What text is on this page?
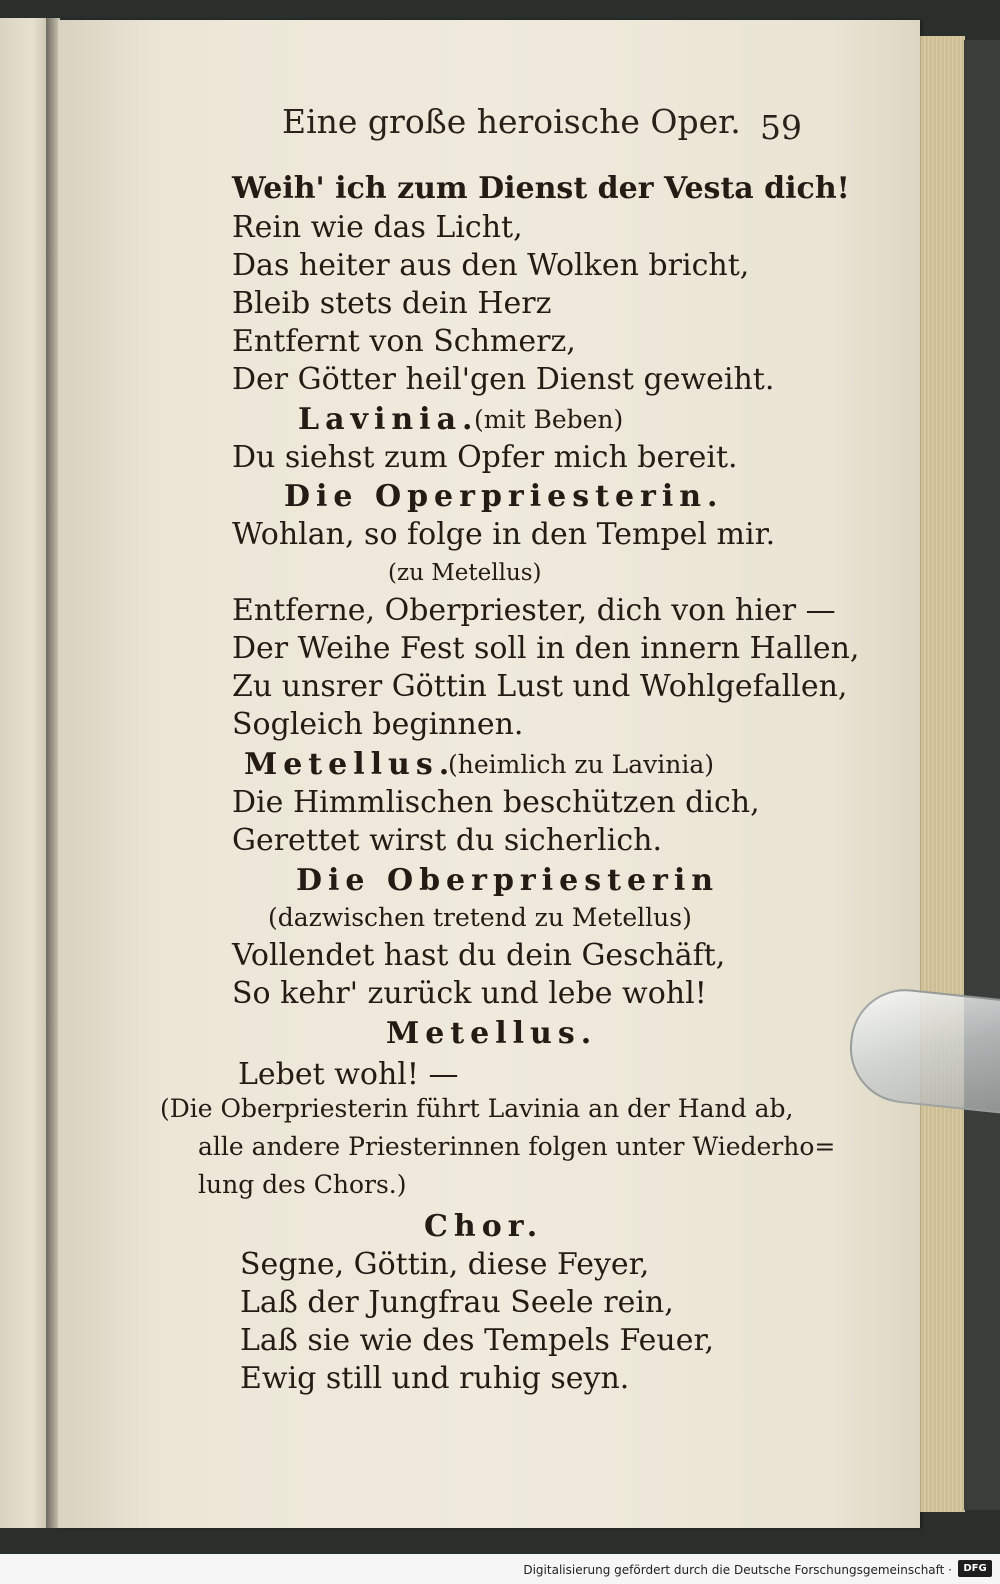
Eine große heroische Oper. 59
Weih' ich zum Dienst der Vesta dich!
Rein wie das Licht,
Das heiter aus den Wolken bricht,
Bleib stets dein Herz
Entfernt von Schmerz,
Der Götter heil'gen Dienst geweiht.
Lavinia.
(mit Beben)
Du siehst zum Opfer mich bereit.
Die Operpriesterin.
Wohlan, so folge in den Tempel mir.
(zu Metellus)
Entferne, Oberpriester, dich von hier —
Der Weihe Fest soll in den innern Hallen,
Zu unsrer Göttin Lust und Wohlgefallen,
Sogleich beginnen.
Metellus.
(heimlich zu Lavinia)
Die Himmlischen beschützen dich,
Gerettet wirst du sicherlich.
Die Oberpriesterin
(dazwischen tretend zu Metellus)
Vollendet hast du dein Geschäft,
So kehr' zurück und lebe wohl!
Metellus.
Lebet wohl! —
(Die Oberpriesterin führt Lavinia an der Hand ab,
alle andere Priesterinnen folgen unter Wiederho=
lung des Chors.)
Chor.
Segne, Göttin, diese Feyer,
Laß der Jungfrau Seele rein,
Laß sie wie des Tempels Feuer,
Ewig still und ruhig seyn.
Digitalisierung gefördert durch die Deutsche Forschungsgemeinschaft ·	DFG
